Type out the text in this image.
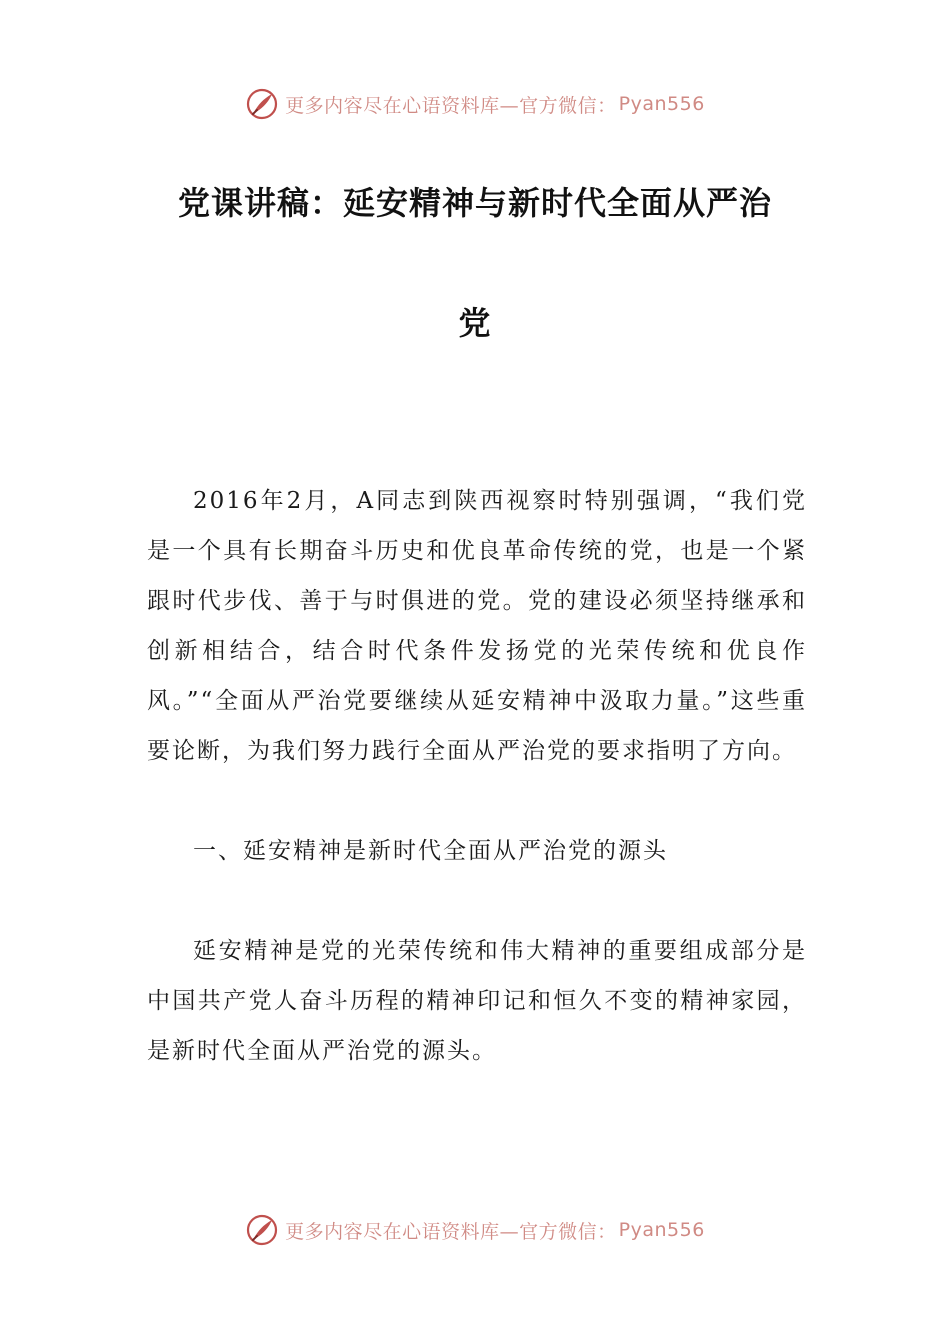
更多内容尽在心语资料库—官方微信： Pyan556
党课讲稿：延安精神与新时代全面从严治
党

2016年2月，A同志到陕西视察时特别强调，“我们党是一个具有长期奋斗历史和优良革命传统的党，也是一个紧跟时代步伐、善于与时俱进的党。党的建设必须坚持继承和创新相结合，结合时代条件发扬党的光荣传统和优良作风。”“全面从严治党要继续从延安精神中汲取力量。”这些重要论断，为我们努力践行全面从严治党的要求指明了方向。

一、延安精神是新时代全面从严治党的源头

延安精神是党的光荣传统和伟大精神的重要组成部分是中国共产党人奋斗历程的精神印记和恒久不变的精神家园，是新时代全面从严治党的源头。

更多内容尽在心语资料库—官方微信： Pyan556
